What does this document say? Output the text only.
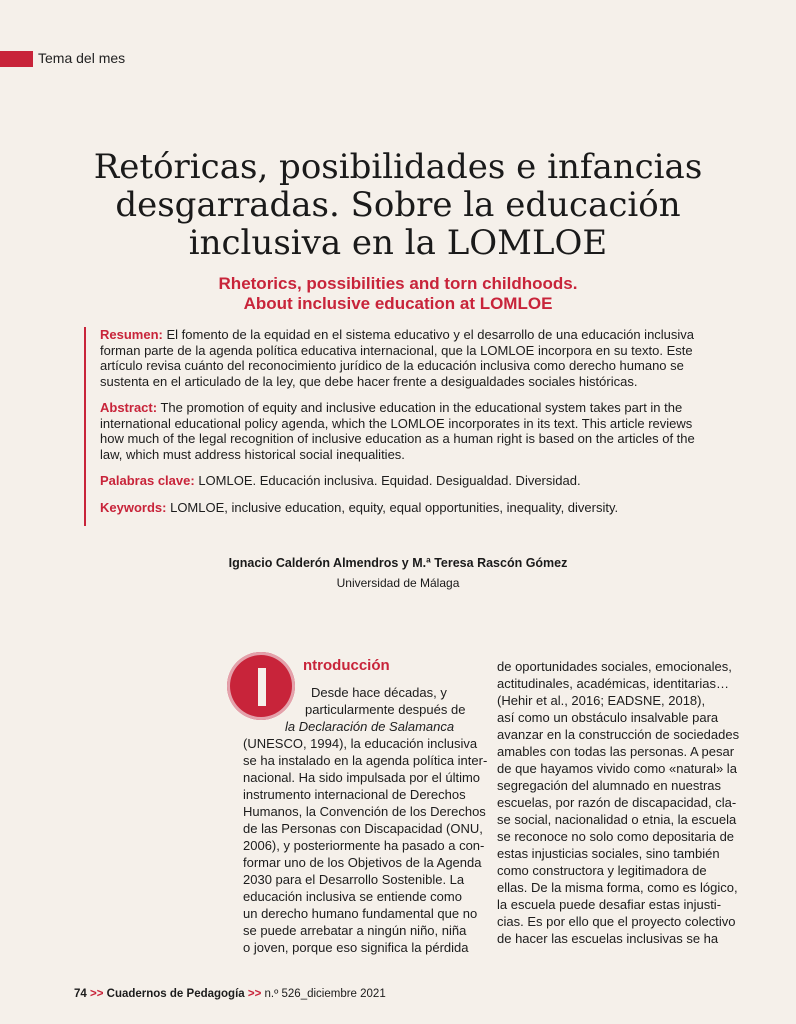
Tema del mes
Retóricas, posibilidades e infancias
desgarradas. Sobre la educación
inclusiva en la LOMLOE
Rhetorics, possibilities and torn childhoods.
About inclusive education at LOMLOE

Resumen: El fomento de la equidad en el sistema educativo y el desarrollo de una educación inclusiva forman parte de la agenda política educativa internacional, que la LOMLOE incorpora en su texto. Este artículo revisa cuánto del reconocimiento jurídico de la educación inclusiva como derecho humano se sustenta en el articulado de la ley, que debe hacer frente a desigualdades sociales históricas.

Abstract: The promotion of equity and inclusive education in the educational system takes part in the international educational policy agenda, which the LOMLOE incorporates in its text. This article reviews how much of the legal recognition of inclusive education as a human right is based on the articles of the law, which must address historical social inequalities.

Palabras clave: LOMLOE. Educación inclusiva. Equidad. Desigualdad. Diversidad.

Keywords: LOMLOE, inclusive education, equity, equal opportunities, inequality, diversity.

Ignacio Calderón Almendros y M.ª Teresa Rascón Gómez
Universidad de Málaga
ntroducción
Desde hace décadas, y
particularmente después de
la Declaración de Salamanca
(UNESCO, 1994), la educación inclusiva
se ha instalado en la agenda política inter-
nacional. Ha sido impulsada por el último
instrumento internacional de Derechos
Humanos, la Convención de los Derechos
de las Personas con Discapacidad (ONU,
2006), y posteriormente ha pasado a con-
formar uno de los Objetivos de la Agenda
2030 para el Desarrollo Sostenible. La
educación inclusiva se entiende como
un derecho humano fundamental que no
se puede arrebatar a ningún niño, niña
o joven, porque eso significa la pérdida
de oportunidades sociales, emocionales,
actitudinales, académicas, identitarias…
(Hehir et al., 2016; EADSNE, 2018),
así como un obstáculo insalvable para
avanzar en la construcción de sociedades
amables con todas las personas. A pesar
de que hayamos vivido como «natural» la
segregación del alumnado en nuestras
escuelas, por razón de discapacidad, cla-
se social, nacionalidad o etnia, la escuela
se reconoce no solo como depositaria de
estas injusticias sociales, sino también
como constructora y legitimadora de
ellas. De la misma forma, como es lógico,
la escuela puede desafiar estas injusti-
cias. Es por ello que el proyecto colectivo
de hacer las escuelas inclusivas se ha
74 >> Cuadernos de Pedagogía >> n.º 526_diciembre 2021
